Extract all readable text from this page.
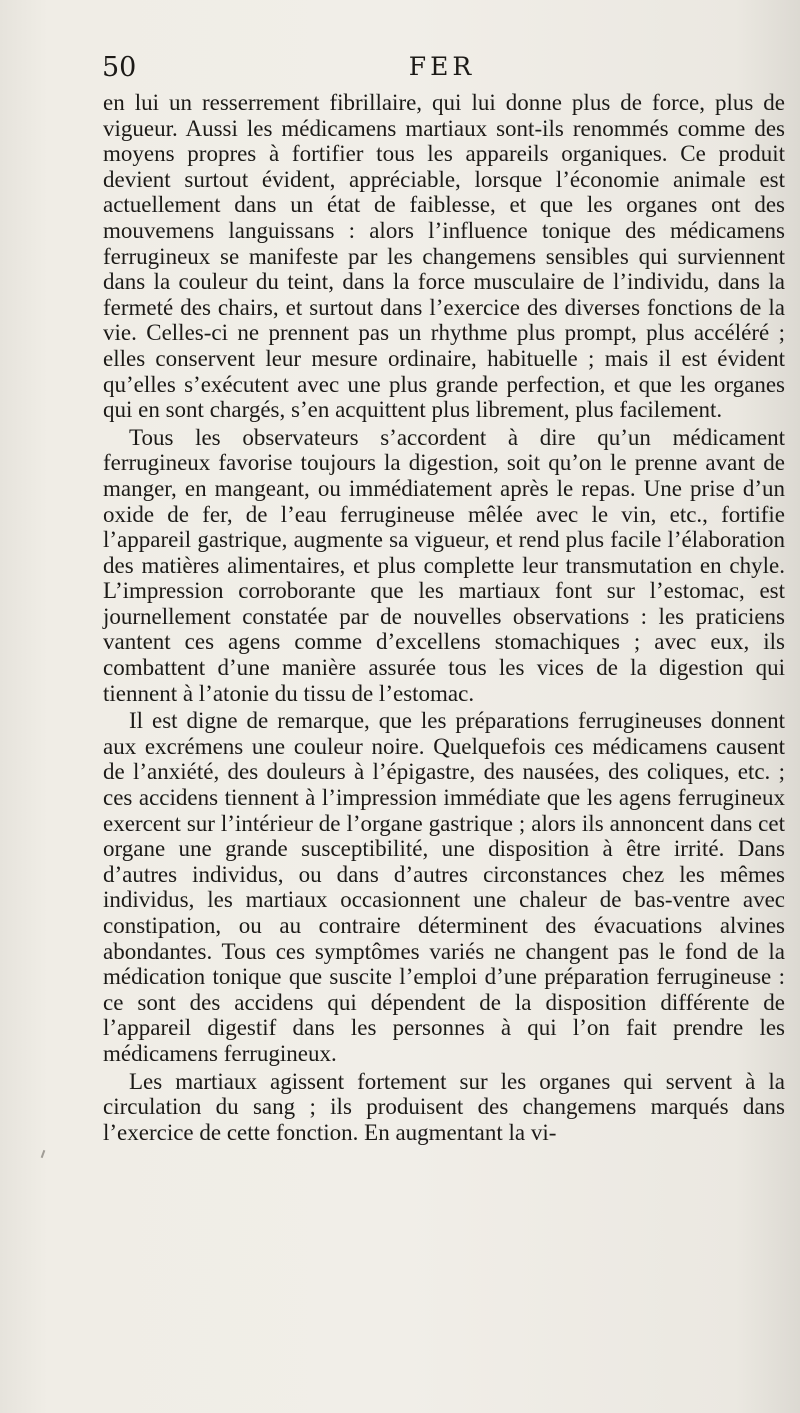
50	FER

en lui un resserrement fibrillaire, qui lui donne plus de force, plus de vigueur. Aussi les médicamens martiaux sont-ils renommés comme des moyens propres à fortifier tous les appareils organiques. Ce produit devient surtout évident, appréciable, lorsque l’économie animale est actuellement dans un état de faiblesse, et que les organes ont des mouvemens languissans : alors l’influence tonique des médicamens ferrugineux se manifeste par les changemens sensibles qui surviennent dans la couleur du teint, dans la force musculaire de l’individu, dans la fermeté des chairs, et surtout dans l’exercice des diverses fonctions de la vie. Celles-ci ne prennent pas un rhythme plus prompt, plus accéléré ; elles conservent leur mesure ordinaire, habituelle ; mais il est évident qu’elles s’exécutent avec une plus grande perfection, et que les organes qui en sont chargés, s’en acquittent plus librement, plus facilement.

Tous les observateurs s’accordent à dire qu’un médicament ferrugineux favorise toujours la digestion, soit qu’on le prenne avant de manger, en mangeant, ou immédiatement après le repas. Une prise d’un oxide de fer, de l’eau ferrugineuse mêlée avec le vin, etc., fortifie l’appareil gastrique, augmente sa vigueur, et rend plus facile l’élaboration des matières alimentaires, et plus complette leur transmutation en chyle. L’impression corroborante que les martiaux font sur l’estomac, est journellement constatée par de nouvelles observations : les praticiens vantent ces agens comme d’excellens stomachiques ; avec eux, ils combattent d’une manière assurée tous les vices de la digestion qui tiennent à l’atonie du tissu de l’estomac.

Il est digne de remarque, que les préparations ferrugineuses donnent aux excrémens une couleur noire. Quelquefois ces médicamens causent de l’anxiété, des douleurs à l’épigastre, des nausées, des coliques, etc. ; ces accidens tiennent à l’impression immédiate que les agens ferrugineux exercent sur l’intérieur de l’organe gastrique ; alors ils annoncent dans cet organe une grande susceptibilité, une disposition à être irrité. Dans d’autres individus, ou dans d’autres circonstances chez les mêmes individus, les martiaux occasionnent une chaleur de bas-ventre avec constipation, ou au contraire déterminent des évacuations alvines abondantes. Tous ces symptômes variés ne changent pas le fond de la médication tonique que suscite l’emploi d’une préparation ferrugineuse : ce sont des accidens qui dépendent de la disposition différente de l’appareil digestif dans les personnes à qui l’on fait prendre les médicamens ferrugineux.

Les martiaux agissent fortement sur les organes qui servent à la circulation du sang ; ils produisent des changemens marqués dans l’exercice de cette fonction. En augmentant la vi-
